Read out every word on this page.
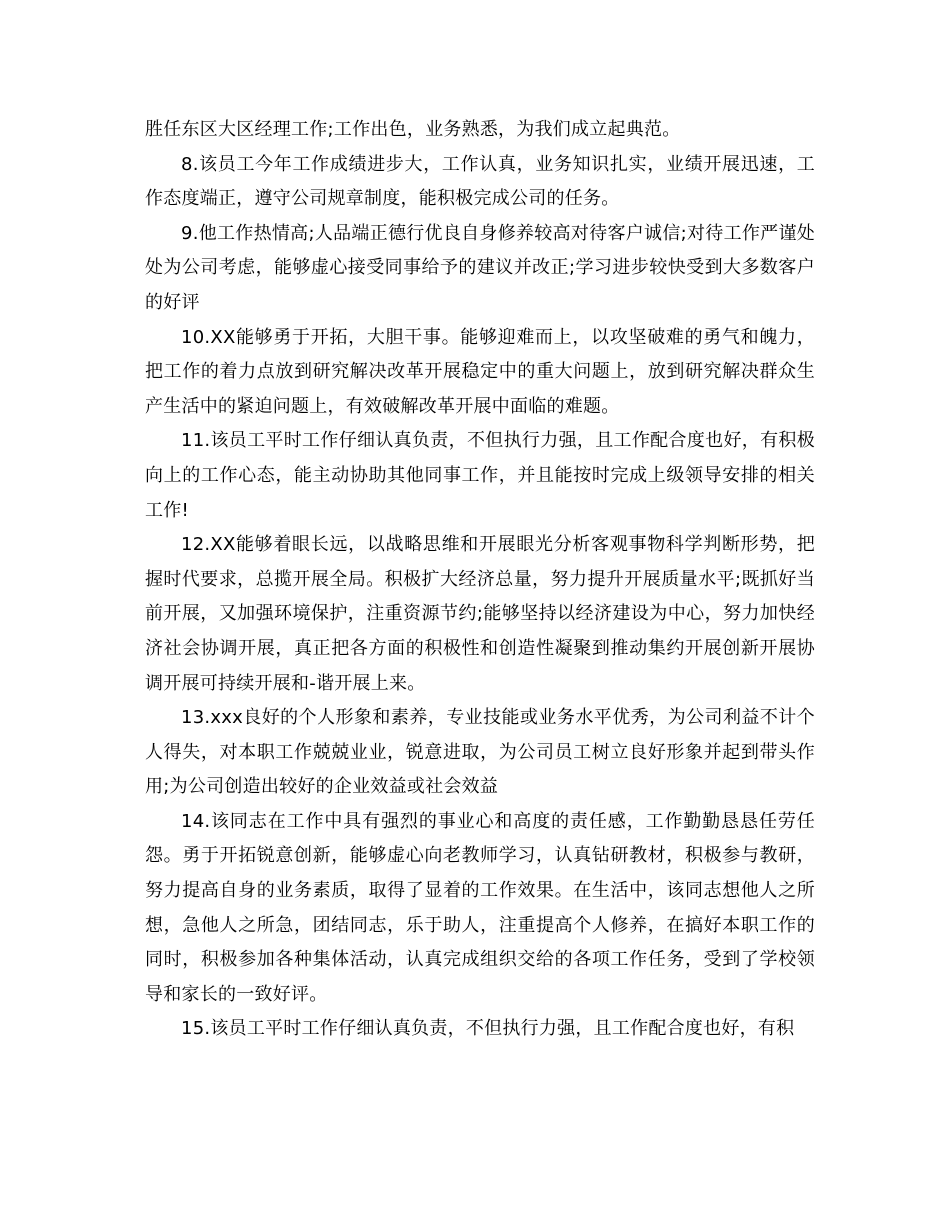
胜任东区大区经理工作;工作出色，业务熟悉，为我们成立起典范。

8.该员工今年工作成绩进步大，工作认真，业务知识扎实，业绩开展迅速，工作态度端正，遵守公司规章制度，能积极完成公司的任务。

9.他工作热情高;人品端正德行优良自身修养较高对待客户诚信;对待工作严谨处处为公司考虑，能够虚心接受同事给予的建议并改正;学习进步较快受到大多数客户的好评

10.XX能够勇于开拓，大胆干事。能够迎难而上，以攻坚破难的勇气和魄力，把工作的着力点放到研究解决改革开展稳定中的重大问题上，放到研究解决群众生产生活中的紧迫问题上，有效破解改革开展中面临的难题。

11.该员工平时工作仔细认真负责，不但执行力强，且工作配合度也好，有积极向上的工作心态，能主动协助其他同事工作，并且能按时完成上级领导安排的相关工作!

12.XX能够着眼长远，以战略思维和开展眼光分析客观事物科学判断形势，把握时代要求，总揽开展全局。积极扩大经济总量，努力提升开展质量水平;既抓好当前开展，又加强环境保护，注重资源节约;能够坚持以经济建设为中心，努力加快经济社会协调开展，真正把各方面的积极性和创造性凝聚到推动集约开展创新开展协调开展可持续开展和-谐开展上来。

13.xxx良好的个人形象和素养，专业技能或业务水平优秀，为公司利益不计个人得失，对本职工作兢兢业业，锐意进取，为公司员工树立良好形象并起到带头作用;为公司创造出较好的企业效益或社会效益

14.该同志在工作中具有强烈的事业心和高度的责任感，工作勤勤恳恳任劳任怨。勇于开拓锐意创新，能够虚心向老教师学习，认真钻研教材，积极参与教研，努力提高自身的业务素质，取得了显着的工作效果。在生活中，该同志想他人之所想，急他人之所急，团结同志，乐于助人，注重提高个人修养，在搞好本职工作的同时，积极参加各种集体活动，认真完成组织交给的各项工作任务，受到了学校领导和家长的一致好评。

15.该员工平时工作仔细认真负责，不但执行力强，且工作配合度也好，有积
